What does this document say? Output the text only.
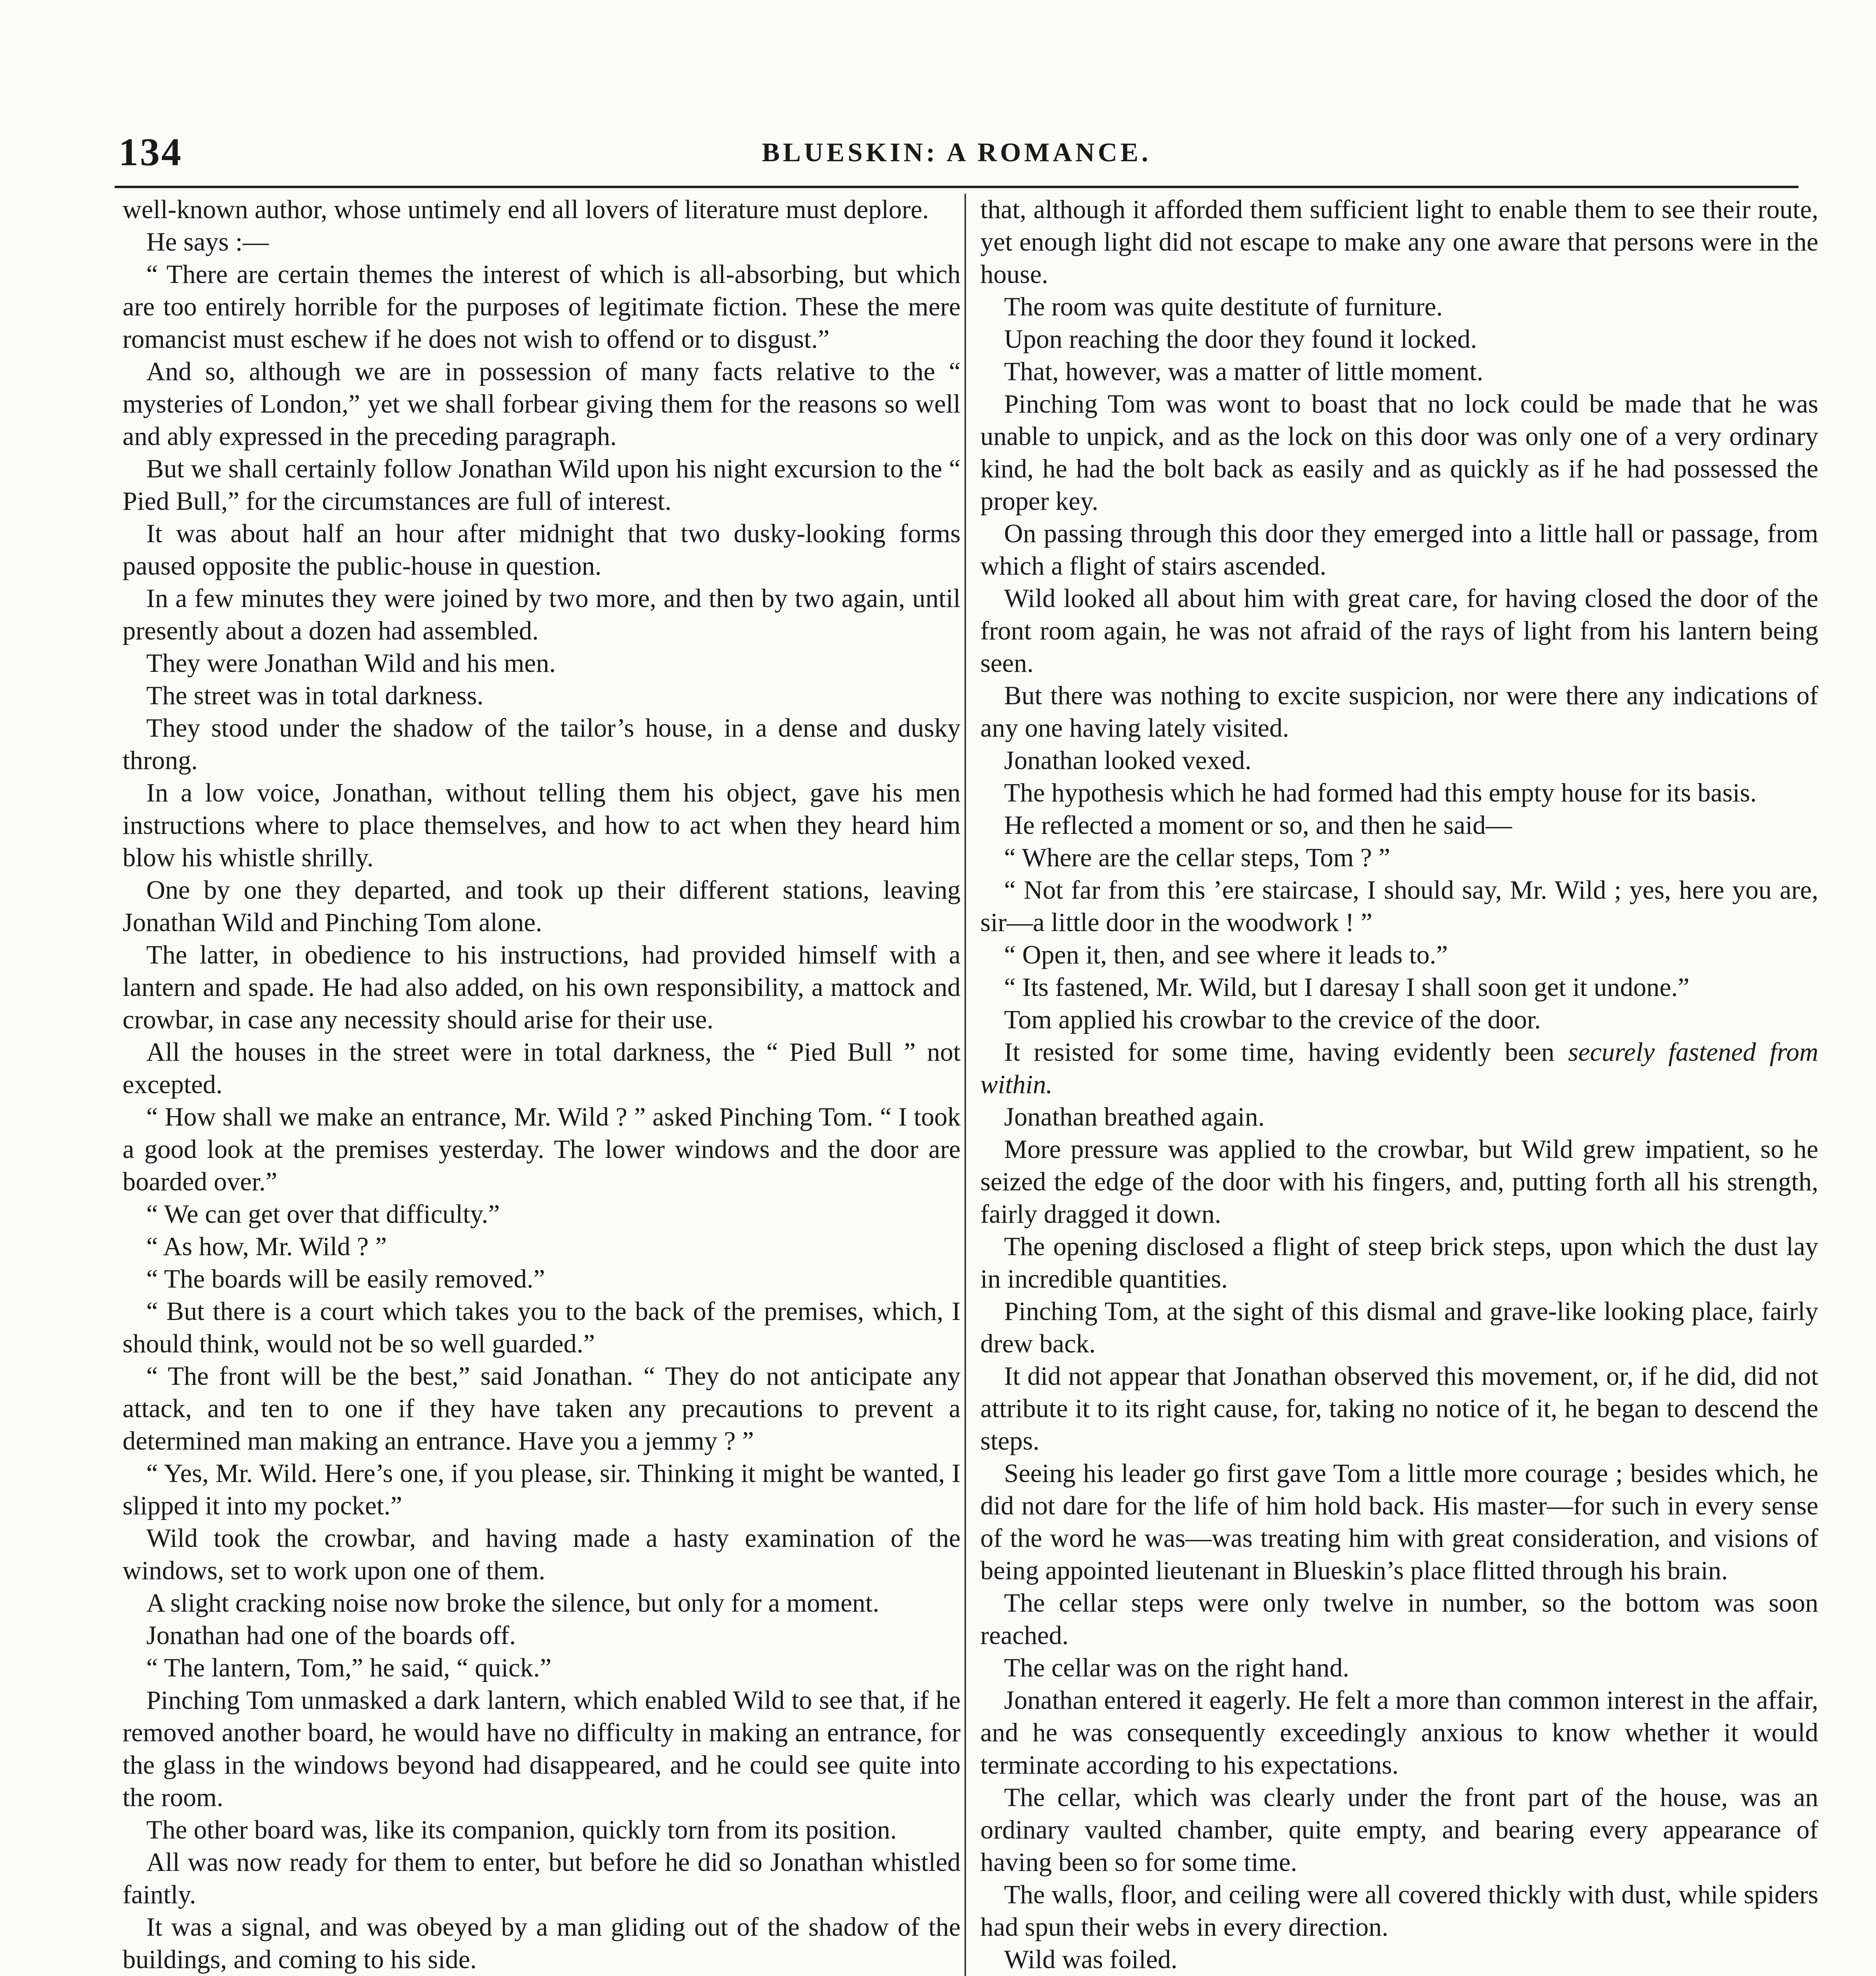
134	BLUESKIN: A ROMANCE.

well-known author, whose untimely end all lovers of literature must deplore.

He says :—

“ There are certain themes the interest of which is all-absorbing, but which are too entirely horrible for the purposes of legitimate fiction. These the mere romancist must eschew if he does not wish to offend or to disgust.”

And so, although we are in possession of many facts relative to the “ mysteries of London,” yet we shall forbear giving them for the reasons so well and ably expressed in the preceding paragraph.

But we shall certainly follow Jonathan Wild upon his night excursion to the “ Pied Bull,” for the circumstances are full of interest.

It was about half an hour after midnight that two dusky-looking forms paused opposite the public-house in question.

In a few minutes they were joined by two more, and then by two again, until presently about a dozen had assembled.

They were Jonathan Wild and his men.

The street was in total darkness.

They stood under the shadow of the tailor’s house, in a dense and dusky throng.

In a low voice, Jonathan, without telling them his object, gave his men instructions where to place themselves, and how to act when they heard him blow his whistle shrilly.

One by one they departed, and took up their different stations, leaving Jonathan Wild and Pinching Tom alone.

The latter, in obedience to his instructions, had provided himself with a lantern and spade. He had also added, on his own responsibility, a mattock and crowbar, in case any necessity should arise for their use.

All the houses in the street were in total darkness, the “ Pied Bull ” not excepted.

“ How shall we make an entrance, Mr. Wild ? ” asked Pinching Tom. “ I took a good look at the premises yesterday. The lower windows and the door are boarded over.”

“ We can get over that difficulty.”

“ As how, Mr. Wild ? ”

“ The boards will be easily removed.”

“ But there is a court which takes you to the back of the premises, which, I should think, would not be so well guarded.”

“ The front will be the best,” said Jonathan. “ They do not anticipate any attack, and ten to one if they have taken any precautions to prevent a determined man making an entrance. Have you a jemmy ? ”

“ Yes, Mr. Wild. Here’s one, if you please, sir. Thinking it might be wanted, I slipped it into my pocket.”

Wild took the crowbar, and having made a hasty examination of the windows, set to work upon one of them.

A slight cracking noise now broke the silence, but only for a moment.

Jonathan had one of the boards off.

“ The lantern, Tom,” he said, “ quick.”

Pinching Tom unmasked a dark lantern, which enabled Wild to see that, if he removed another board, he would have no difficulty in making an entrance, for the glass in the windows beyond had disappeared, and he could see quite into the room.

The other board was, like its companion, quickly torn from its position.

All was now ready for them to enter, but before he did so Jonathan whistled faintly.

It was a signal, and was obeyed by a man gliding out of the shadow of the buildings, and coming to his side.

that, although it afforded them sufficient light to enable them to see their route, yet enough light did not escape to make any one aware that persons were in the house.

The room was quite destitute of furniture.

Upon reaching the door they found it locked.

That, however, was a matter of little moment.

Pinching Tom was wont to boast that no lock could be made that he was unable to unpick, and as the lock on this door was only one of a very ordinary kind, he had the bolt back as easily and as quickly as if he had possessed the proper key.

On passing through this door they emerged into a little hall or passage, from which a flight of stairs ascended.

Wild looked all about him with great care, for having closed the door of the front room again, he was not afraid of the rays of light from his lantern being seen.

But there was nothing to excite suspicion, nor were there any indications of any one having lately visited.

Jonathan looked vexed.

The hypothesis which he had formed had this empty house for its basis.

He reflected a moment or so, and then he said—

“ Where are the cellar steps, Tom ? ”

“ Not far from this ’ere staircase, I should say, Mr. Wild ; yes, here you are, sir—a little door in the woodwork ! ”

“ Open it, then, and see where it leads to.”

“ Its fastened, Mr. Wild, but I daresay I shall soon get it undone.”

Tom applied his crowbar to the crevice of the door.

It resisted for some time, having evidently been securely fastened from within.

Jonathan breathed again.

More pressure was applied to the crowbar, but Wild grew impatient, so he seized the edge of the door with his fingers, and, putting forth all his strength, fairly dragged it down.

The opening disclosed a flight of steep brick steps, upon which the dust lay in incredible quantities.

Pinching Tom, at the sight of this dismal and grave-like looking place, fairly drew back.

It did not appear that Jonathan observed this movement, or, if he did, did not attribute it to its right cause, for, taking no notice of it, he began to descend the steps.

Seeing his leader go first gave Tom a little more courage ; besides which, he did not dare for the life of him hold back. His master—for such in every sense of the word he was—was treating him with great consideration, and visions of being appointed lieutenant in Blueskin’s place flitted through his brain.

The cellar steps were only twelve in number, so the bottom was soon reached.

The cellar was on the right hand.

Jonathan entered it eagerly. He felt a more than common interest in the affair, and he was consequently exceedingly anxious to know whether it would terminate according to his expectations.

The cellar, which was clearly under the front part of the house, was an ordinary vaulted chamber, quite empty, and bearing every appearance of having been so for some time.

The walls, floor, and ceiling were all covered thickly with dust, while spiders had spun their webs in every direction.

Wild was foiled.
